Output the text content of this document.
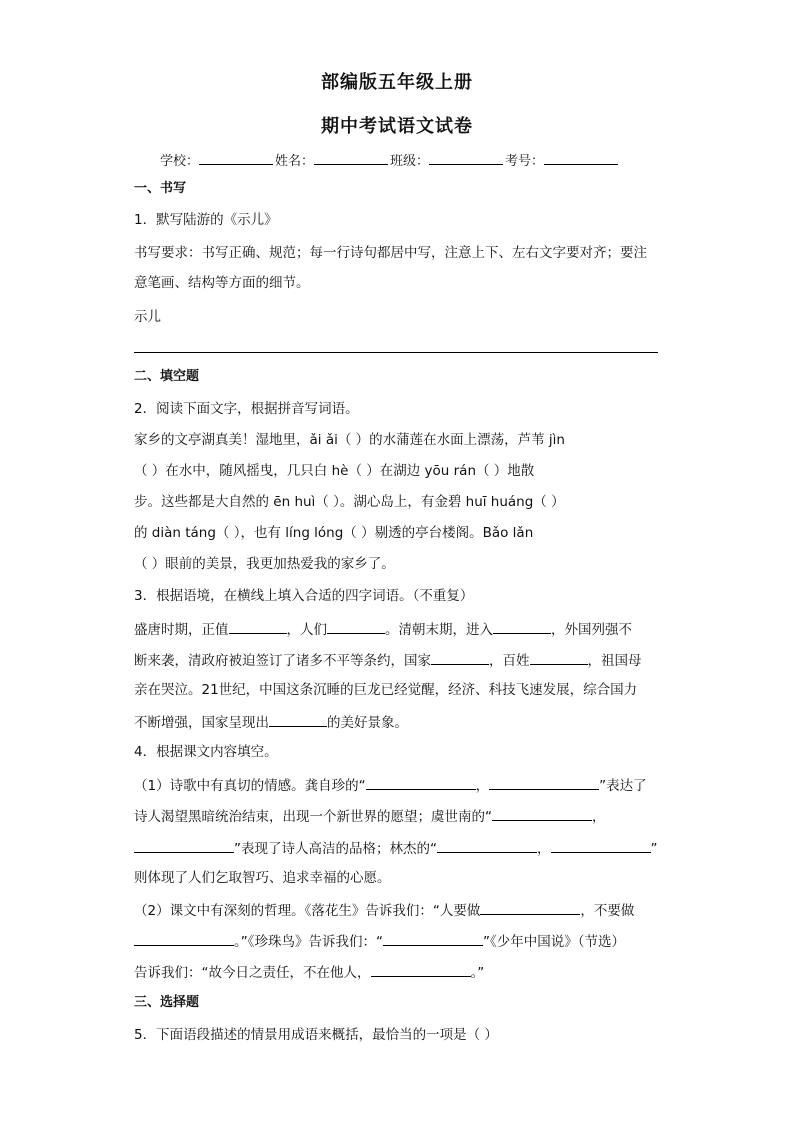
部编版五年级上册
期中考试语文试卷
学校：	姓名：	班级：	考号：
一、书写
1．默写陆游的《示儿》
书写要求：书写正确、规范；每一行诗句都居中写，注意上下、左右文字要对齐；要注
意笔画、结构等方面的细节。
示儿
二、填空题
2．阅读下面文字，根据拼音写词语。
家乡的文亭湖真美！湿地里，ǎi ǎi（ ）的水蒲莲在水面上漂荡，芦苇 jìn
（ ）在水中，随风摇曳，几只白 hè（ ）在湖边 yōu rán（ ）地散
步。这些都是大自然的 ēn huì（ ）。湖心岛上，有金碧 huī huáng（ ）
的 diàn táng（ ），也有 líng lóng（ ）剔透的亭台楼阁。Bǎo lǎn
（ ）眼前的美景，我更加热爱我的家乡了。
3．根据语境，在横线上填入合适的四字词语。（不重复）
盛唐时期，正值	，人们	。清朝末期，进入	，外国列强不
断来袭，清政府被迫签订了诸多不平等条约，国家	，百姓	，祖国母
亲在哭泣。21世纪，中国这条沉睡的巨龙已经觉醒，经济、科技飞速发展，综合国力
不断增强，国家呈现出	的美好景象。
4．根据课文内容填空。
（1）诗歌中有真切的情感。龚自珍的“	，	”表达了
诗人渴望黑暗统治结束，出现一个新世界的愿望；虞世南的“	，
”表现了诗人高洁的品格；林杰的“	，	”
则体现了人们乞取智巧、追求幸福的心愿。
（2）课文中有深刻的哲理。《落花生》告诉我们：“人要做	，不要做
。”《珍珠鸟》告诉我们：“	”《少年中国说》（节选）
告诉我们：“故今日之责任，不在他人，	。”
三、选择题
5．下面语段描述的情景用成语来概括，最恰当的一项是（ ）
